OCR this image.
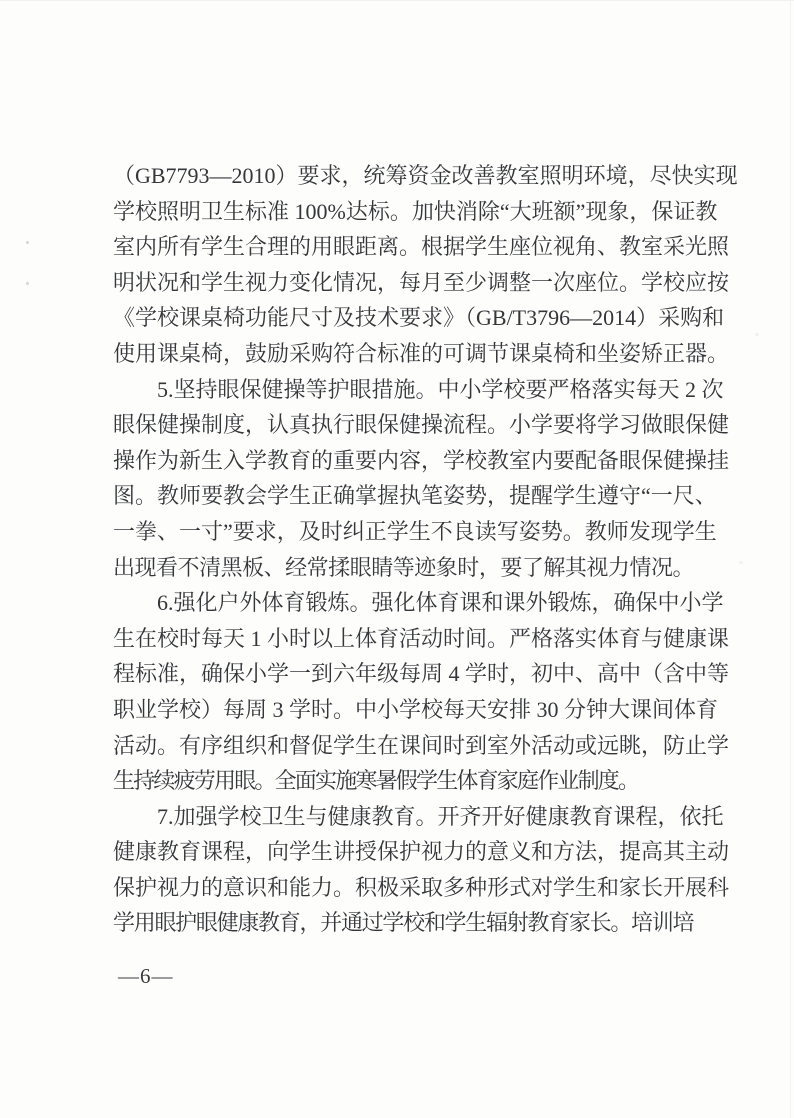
（GB7793—2010）要求，统筹资金改善教室照明环境，尽快实现
学校照明卫生标准 100%达标。加快消除“大班额”现象，保证教
室内所有学生合理的用眼距离。根据学生座位视角、教室采光照
明状况和学生视力变化情况，每月至少调整一次座位。学校应按
《学校课桌椅功能尺寸及技术要求》（GB/T3796—2014）采购和
使用课桌椅，鼓励采购符合标准的可调节课桌椅和坐姿矫正器。
5.坚持眼保健操等护眼措施。中小学校要严格落实每天 2 次
眼保健操制度，认真执行眼保健操流程。小学要将学习做眼保健
操作为新生入学教育的重要内容，学校教室内要配备眼保健操挂
图。教师要教会学生正确掌握执笔姿势，提醒学生遵守“一尺、
一拳、一寸”要求，及时纠正学生不良读写姿势。教师发现学生
出现看不清黑板、经常揉眼睛等迹象时，要了解其视力情况。
6.强化户外体育锻炼。强化体育课和课外锻炼，确保中小学
生在校时每天 1 小时以上体育活动时间。严格落实体育与健康课
程标准，确保小学一到六年级每周 4 学时，初中、高中（含中等
职业学校）每周 3 学时。中小学校每天安排 30 分钟大课间体育
活动。有序组织和督促学生在课间时到室外活动或远眺，防止学
生持续疲劳用眼。全面实施寒暑假学生体育家庭作业制度。
7.加强学校卫生与健康教育。开齐开好健康教育课程，依托
健康教育课程，向学生讲授保护视力的意义和方法，提高其主动
保护视力的意识和能力。积极采取多种形式对学生和家长开展科
学用眼护眼健康教育，并通过学校和学生辐射教育家长。培训培
—6—
